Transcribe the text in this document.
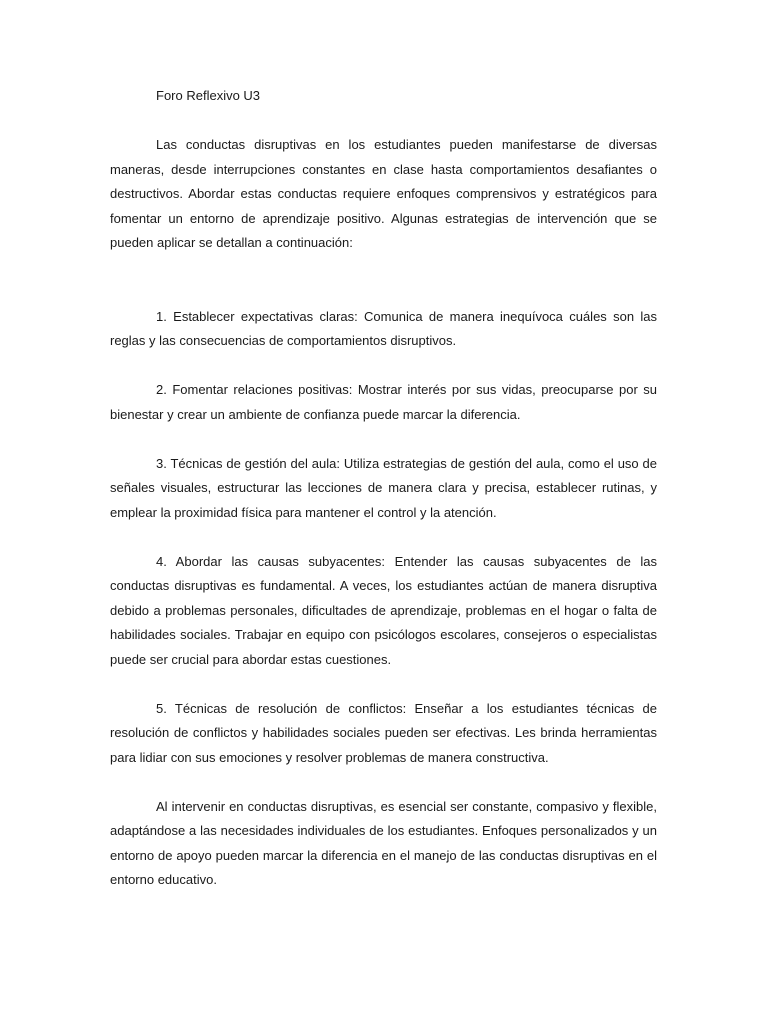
Foro Reflexivo U3

Las conductas disruptivas en los estudiantes pueden manifestarse de diversas maneras, desde interrupciones constantes en clase hasta comportamientos desafiantes o destructivos. Abordar estas conductas requiere enfoques comprensivos y estratégicos para fomentar un entorno de aprendizaje positivo. Algunas estrategias de intervención que se pueden aplicar se detallan a continuación:

1. Establecer expectativas claras: Comunica de manera inequívoca cuáles son las reglas y las consecuencias de comportamientos disruptivos.

2. Fomentar relaciones positivas: Mostrar interés por sus vidas, preocuparse por su bienestar y crear un ambiente de confianza puede marcar la diferencia.

3. Técnicas de gestión del aula: Utiliza estrategias de gestión del aula, como el uso de señales visuales, estructurar las lecciones de manera clara y precisa, establecer rutinas, y emplear la proximidad física para mantener el control y la atención.

4. Abordar las causas subyacentes: Entender las causas subyacentes de las conductas disruptivas es fundamental. A veces, los estudiantes actúan de manera disruptiva debido a problemas personales, dificultades de aprendizaje, problemas en el hogar o falta de habilidades sociales. Trabajar en equipo con psicólogos escolares, consejeros o especialistas puede ser crucial para abordar estas cuestiones.

5. Técnicas de resolución de conflictos: Enseñar a los estudiantes técnicas de resolución de conflictos y habilidades sociales pueden ser efectivas. Les brinda herramientas para lidiar con sus emociones y resolver problemas de manera constructiva.

Al intervenir en conductas disruptivas, es esencial ser constante, compasivo y flexible, adaptándose a las necesidades individuales de los estudiantes. Enfoques personalizados y un entorno de apoyo pueden marcar la diferencia en el manejo de las conductas disruptivas en el entorno educativo.
